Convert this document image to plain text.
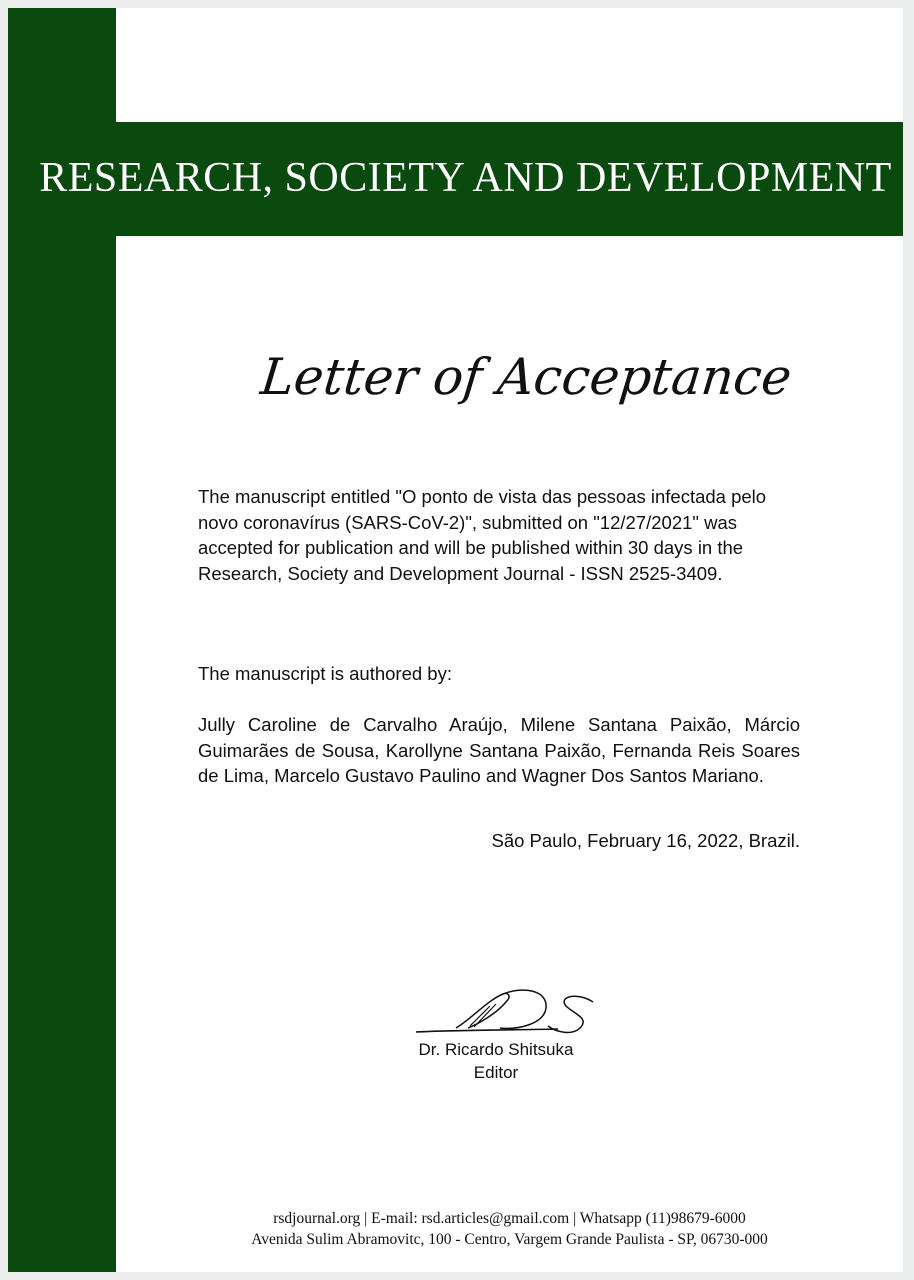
RESEARCH, SOCIETY AND DEVELOPMENT
Letter of Acceptance
The manuscript entitled "O ponto de vista das pessoas infectada pelo novo coronavírus (SARS-CoV-2)", submitted on "12/27/2021" was accepted for publication and will be published within 30 days in the Research, Society and Development Journal - ISSN 2525-3409.
The manuscript is authored by:
Jully Caroline de Carvalho Araújo, Milene Santana Paixão, Márcio Guimarães de Sousa, Karollyne Santana Paixão, Fernanda Reis Soares de Lima, Marcelo Gustavo Paulino and Wagner Dos Santos Mariano.
São Paulo, February 16, 2022, Brazil.
Dr. Ricardo Shitsuka
Editor
rsdjournal.org | E-mail: rsd.articles@gmail.com | Whatsapp (11)98679-6000
Avenida Sulim Abramovitc, 100 - Centro, Vargem Grande Paulista - SP, 06730-000
